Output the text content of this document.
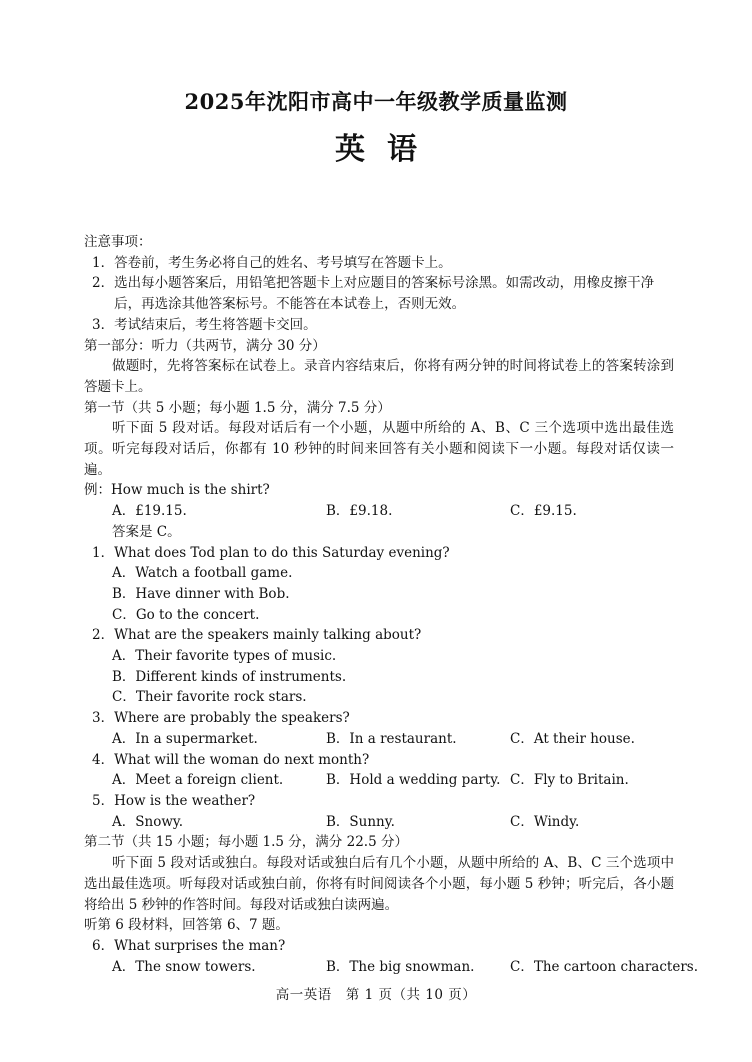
2025年沈阳市高中一年级教学质量监测
英语
注意事项：
1． 答卷前，考生务必将自己的姓名、考号填写在答题卡上。
2． 选出每小题答案后，用铅笔把答题卡上对应题目的答案标号涂黑。如需改动，用橡皮擦干净后，再选涂其他答案标号。不能答在本试卷上，否则无效。
3． 考试结束后，考生将答题卡交回。
第一部分：听力（共两节，满分 30 分）
做题时，先将答案标在试卷上。录音内容结束后，你将有两分钟的时间将试卷上的答案转涂到答题卡上。
第一节（共 5 小题；每小题 1.5 分，满分 7.5 分）
听下面 5 段对话。每段对话后有一个小题，从题中所给的 A、B、C 三个选项中选出最佳选项。听完每段对话后，你都有 10 秒钟的时间来回答有关小题和阅读下一小题。每段对话仅读一遍。
例：How much is the shirt?
A．£19.15.	B．£9.18.	C．£9.15.
答案是 C。
1．What does Tod plan to do this Saturday evening?
A．Watch a football game.
B．Have dinner with Bob.
C．Go to the concert.
2．What are the speakers mainly talking about?
A．Their favorite types of music.
B．Different kinds of instruments.
C．Their favorite rock stars.
3．Where are probably the speakers?
A．In a supermarket.	B．In a restaurant.	C．At their house.
4．What will the woman do next month?
A．Meet a foreign client.	B．Hold a wedding party. C．Fly to Britain.
5．How is the weather?
A．Snowy.	B．Sunny.	C．Windy.
第二节（共 15 小题；每小题 1.5 分，满分 22.5 分）
听下面 5 段对话或独白。每段对话或独白后有几个小题，从题中所给的 A、B、C 三个选项中选出最佳选项。听每段对话或独白前，你将有时间阅读各个小题，每小题 5 秒钟；听完后，各小题将给出 5 秒钟的作答时间。每段对话或独白读两遍。
听第 6 段材料，回答第 6、7 题。
6．What surprises the man?
A．The snow towers.	B．The big snowman.	C．The cartoon characters.
高一英语　第 1 页（共 10 页）
